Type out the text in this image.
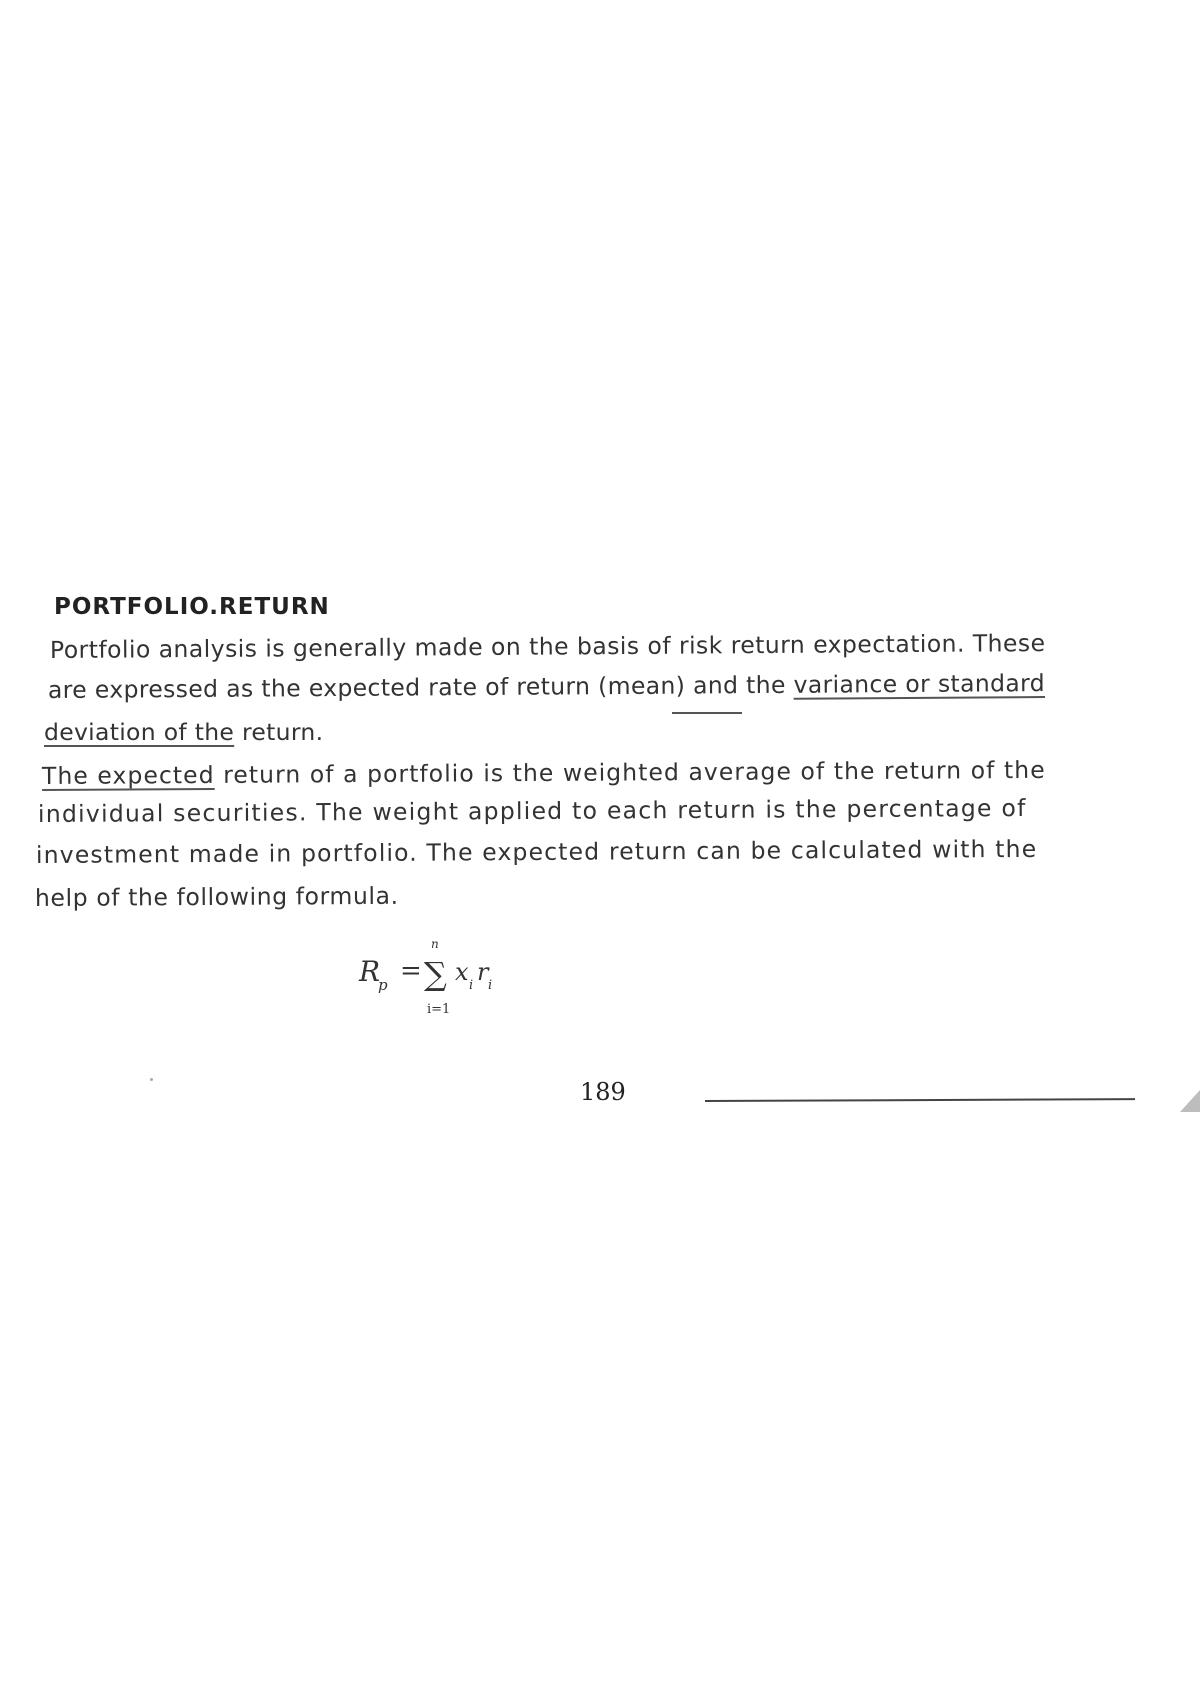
PORTFOLIO.RETURN
Portfolio analysis is generally made on the basis of risk return expectation. These
are expressed as the expected rate of return (mean) and the variance or standard
deviation of the return.
The expected return of a portfolio is the weighted average of the return of the
individual securities. The weight applied to each return is the percentage of
investment made in portfolio. The expected return can be calculated with the
help of the following formula.
R
p =
n
∑
i=1
x i r i
189
